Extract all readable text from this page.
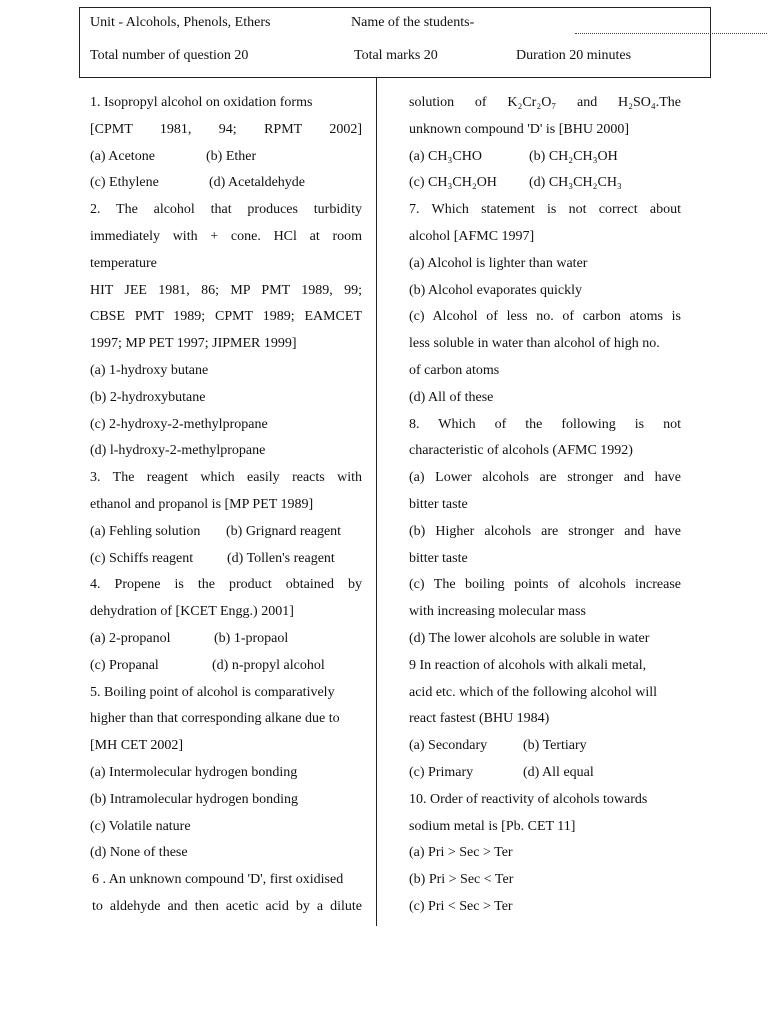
Unit - Alcohols, Phenols, Ethers	Name of the students-
Total number of question 20	Total marks 20	Duration 20 minutes
1. Isopropyl alcohol on oxidation forms
[CPMT 1981, 94; RPMT 2002]
(a) Acetone	(b) Ether
(c) Ethylene	(d) Acetaldehyde
2. The alcohol that produces turbidity
immediately with + cone. HCl at room
temperature
HIT JEE 1981, 86; MP PMT 1989, 99;
CBSE PMT 1989; CPMT 1989; EAMCET
1997; MP PET 1997; JIPMER 1999]
(a) 1-hydroxy butane
(b) 2-hydroxybutane
(c) 2-hydroxy-2-methylpropane
(d) l-hydroxy-2-methylpropane
3. The reagent which easily reacts with
ethanol and propanol is [MP PET 1989]
(a) Fehling solution (b) Grignard reagent
(c) Schiffs reagent (d) Tollen's reagent
4. Propene is the product obtained by
dehydration of [KCET Engg.) 2001]
(a) 2-propanol	(b) 1-propaol
(c) Propanal	(d) n-propyl alcohol
5. Boiling point of alcohol is comparatively
higher than that corresponding alkane due to
[MH CET 2002]
(a) Intermolecular hydrogen bonding
(b) Intramolecular hydrogen bonding
(c) Volatile nature
(d) None of these
6 . An unknown compound 'D', first oxidised
to aldehyde and then acetic acid by a dilute
solution of K₂Cr₂O₇ and H₂SO₄.The
unknown compound 'D' is [BHU 2000]
(a) CH₃CHO	(b) CH₂CH₃OH
(c) CH₃CH₂OH (d) CH₃CH₂CH₃
7. Which statement is not correct about
alcohol [AFMC 1997]
(a) Alcohol is lighter than water
(b) Alcohol evaporates quickly
(c) Alcohol of less no. of carbon atoms is
less soluble in water than alcohol of high no.
of carbon atoms
(d) All of these
8. Which of the following is not
characteristic of alcohols (AFMC 1992)
(a) Lower alcohols are stronger and have
bitter taste
(b) Higher alcohols are stronger and have
bitter taste
(c) The boiling points of alcohols increase
with increasing molecular mass
(d) The lower alcohols are soluble in water
9 In reaction of alcohols with alkali metal,
acid etc. which of the following alcohol will
react fastest (BHU 1984)
(a) Secondary	(b) Tertiary
(c) Primary	(d) All equal
10. Order of reactivity of alcohols towards
sodium metal is [Pb. CET 11]
(a) Pri > Sec > Ter
(b) Pri > Sec < Ter
(c) Pri < Sec > Ter
